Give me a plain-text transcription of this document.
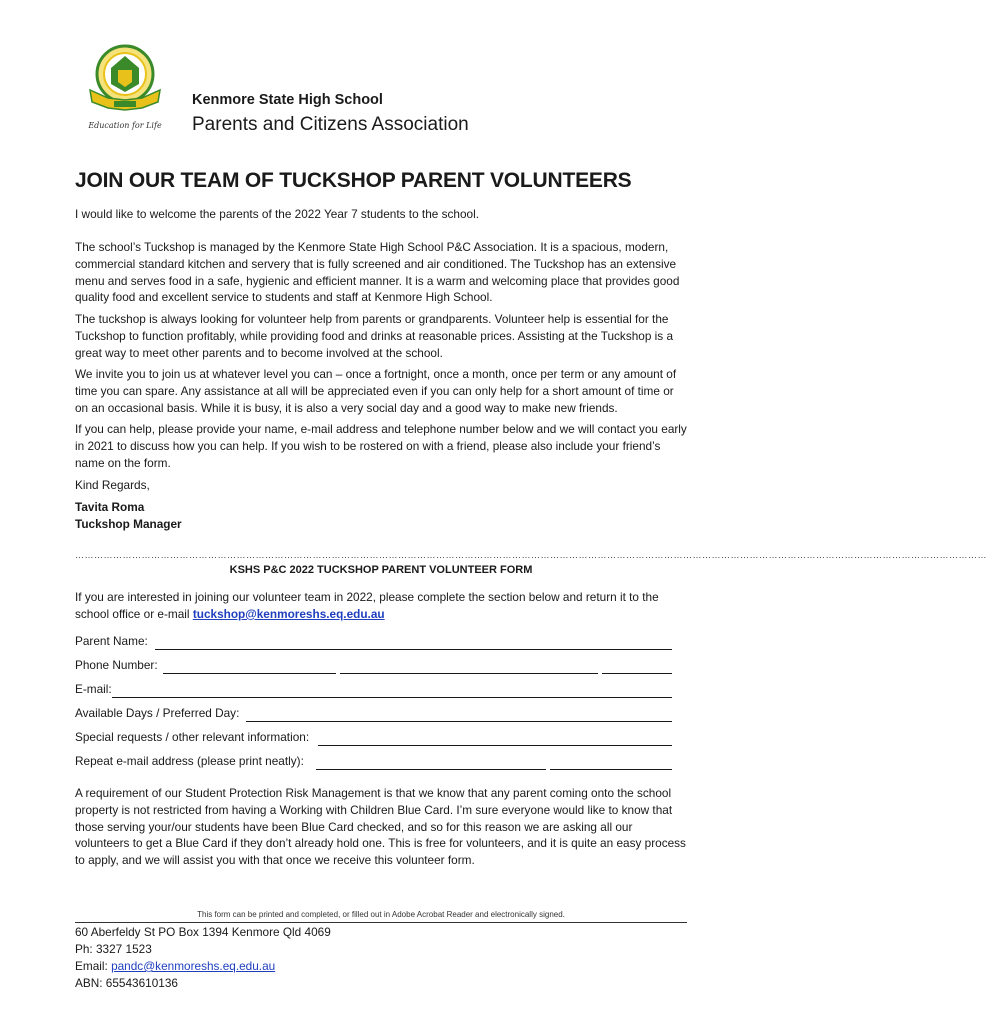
Education for Life
Kenmore State High School
Parents and Citizens Association
JOIN OUR TEAM OF TUCKSHOP PARENT VOLUNTEERS
I would like to welcome the parents of the 2022 Year 7 students to the school.
The school’s Tuckshop is managed by the Kenmore State High School P&C Association. It is a spacious, modern, commercial standard kitchen and servery that is fully screened and air conditioned. The Tuckshop has an extensive menu and serves food in a safe, hygienic and efficient manner. It is a warm and welcoming place that provides good quality food and excellent service to students and staff at Kenmore High School.
The tuckshop is always looking for volunteer help from parents or grandparents. Volunteer help is essential for the Tuckshop to function profitably, while providing food and drinks at reasonable prices. Assisting at the Tuckshop is a great way to meet other parents and to become involved at the school.
We invite you to join us at whatever level you can – once a fortnight, once a month, once per term or any amount of time you can spare. Any assistance at all will be appreciated even if you can only help for a short amount of time or on an occasional basis. While it is busy, it is also a very social day and a good way to make new friends.
If you can help, please provide your name, e-mail address and telephone number below and we will contact you early in 2021 to discuss how you can help. If you wish to be rostered on with a friend, please also include your friend’s name on the form.
Kind Regards,
Tavita Roma
Tuckshop Manager
………………………………………………………………………………………………………………………………………………………………………………………………………………………………………………………………
KSHS P&C 2022 TUCKSHOP PARENT VOLUNTEER FORM
If you are interested in joining our volunteer team in 2022, please complete the section below and return it to the school office or e-mail tuckshop@kenmoreshs.eq.edu.au
Parent Name:
Phone Number:
E-mail:
Available Days / Preferred Day:
Special requests / other relevant information:
Repeat e-mail address (please print neatly):
A requirement of our Student Protection Risk Management is that we know that any parent coming onto the school property is not restricted from having a Working with Children Blue Card. I’m sure everyone would like to know that those serving your/our students have been Blue Card checked, and so for this reason we are asking all our volunteers to get a Blue Card if they don’t already hold one. This is free for volunteers, and it is quite an easy process to apply, and we will assist you with that once we receive this volunteer form.
This form can be printed and completed, or filled out in Adobe Acrobat Reader and electronically signed.
60 Aberfeldy St PO Box 1394 Kenmore Qld 4069
Ph: 3327 1523
Email: pandc@kenmoreshs.eq.edu.au
ABN: 65543610136
